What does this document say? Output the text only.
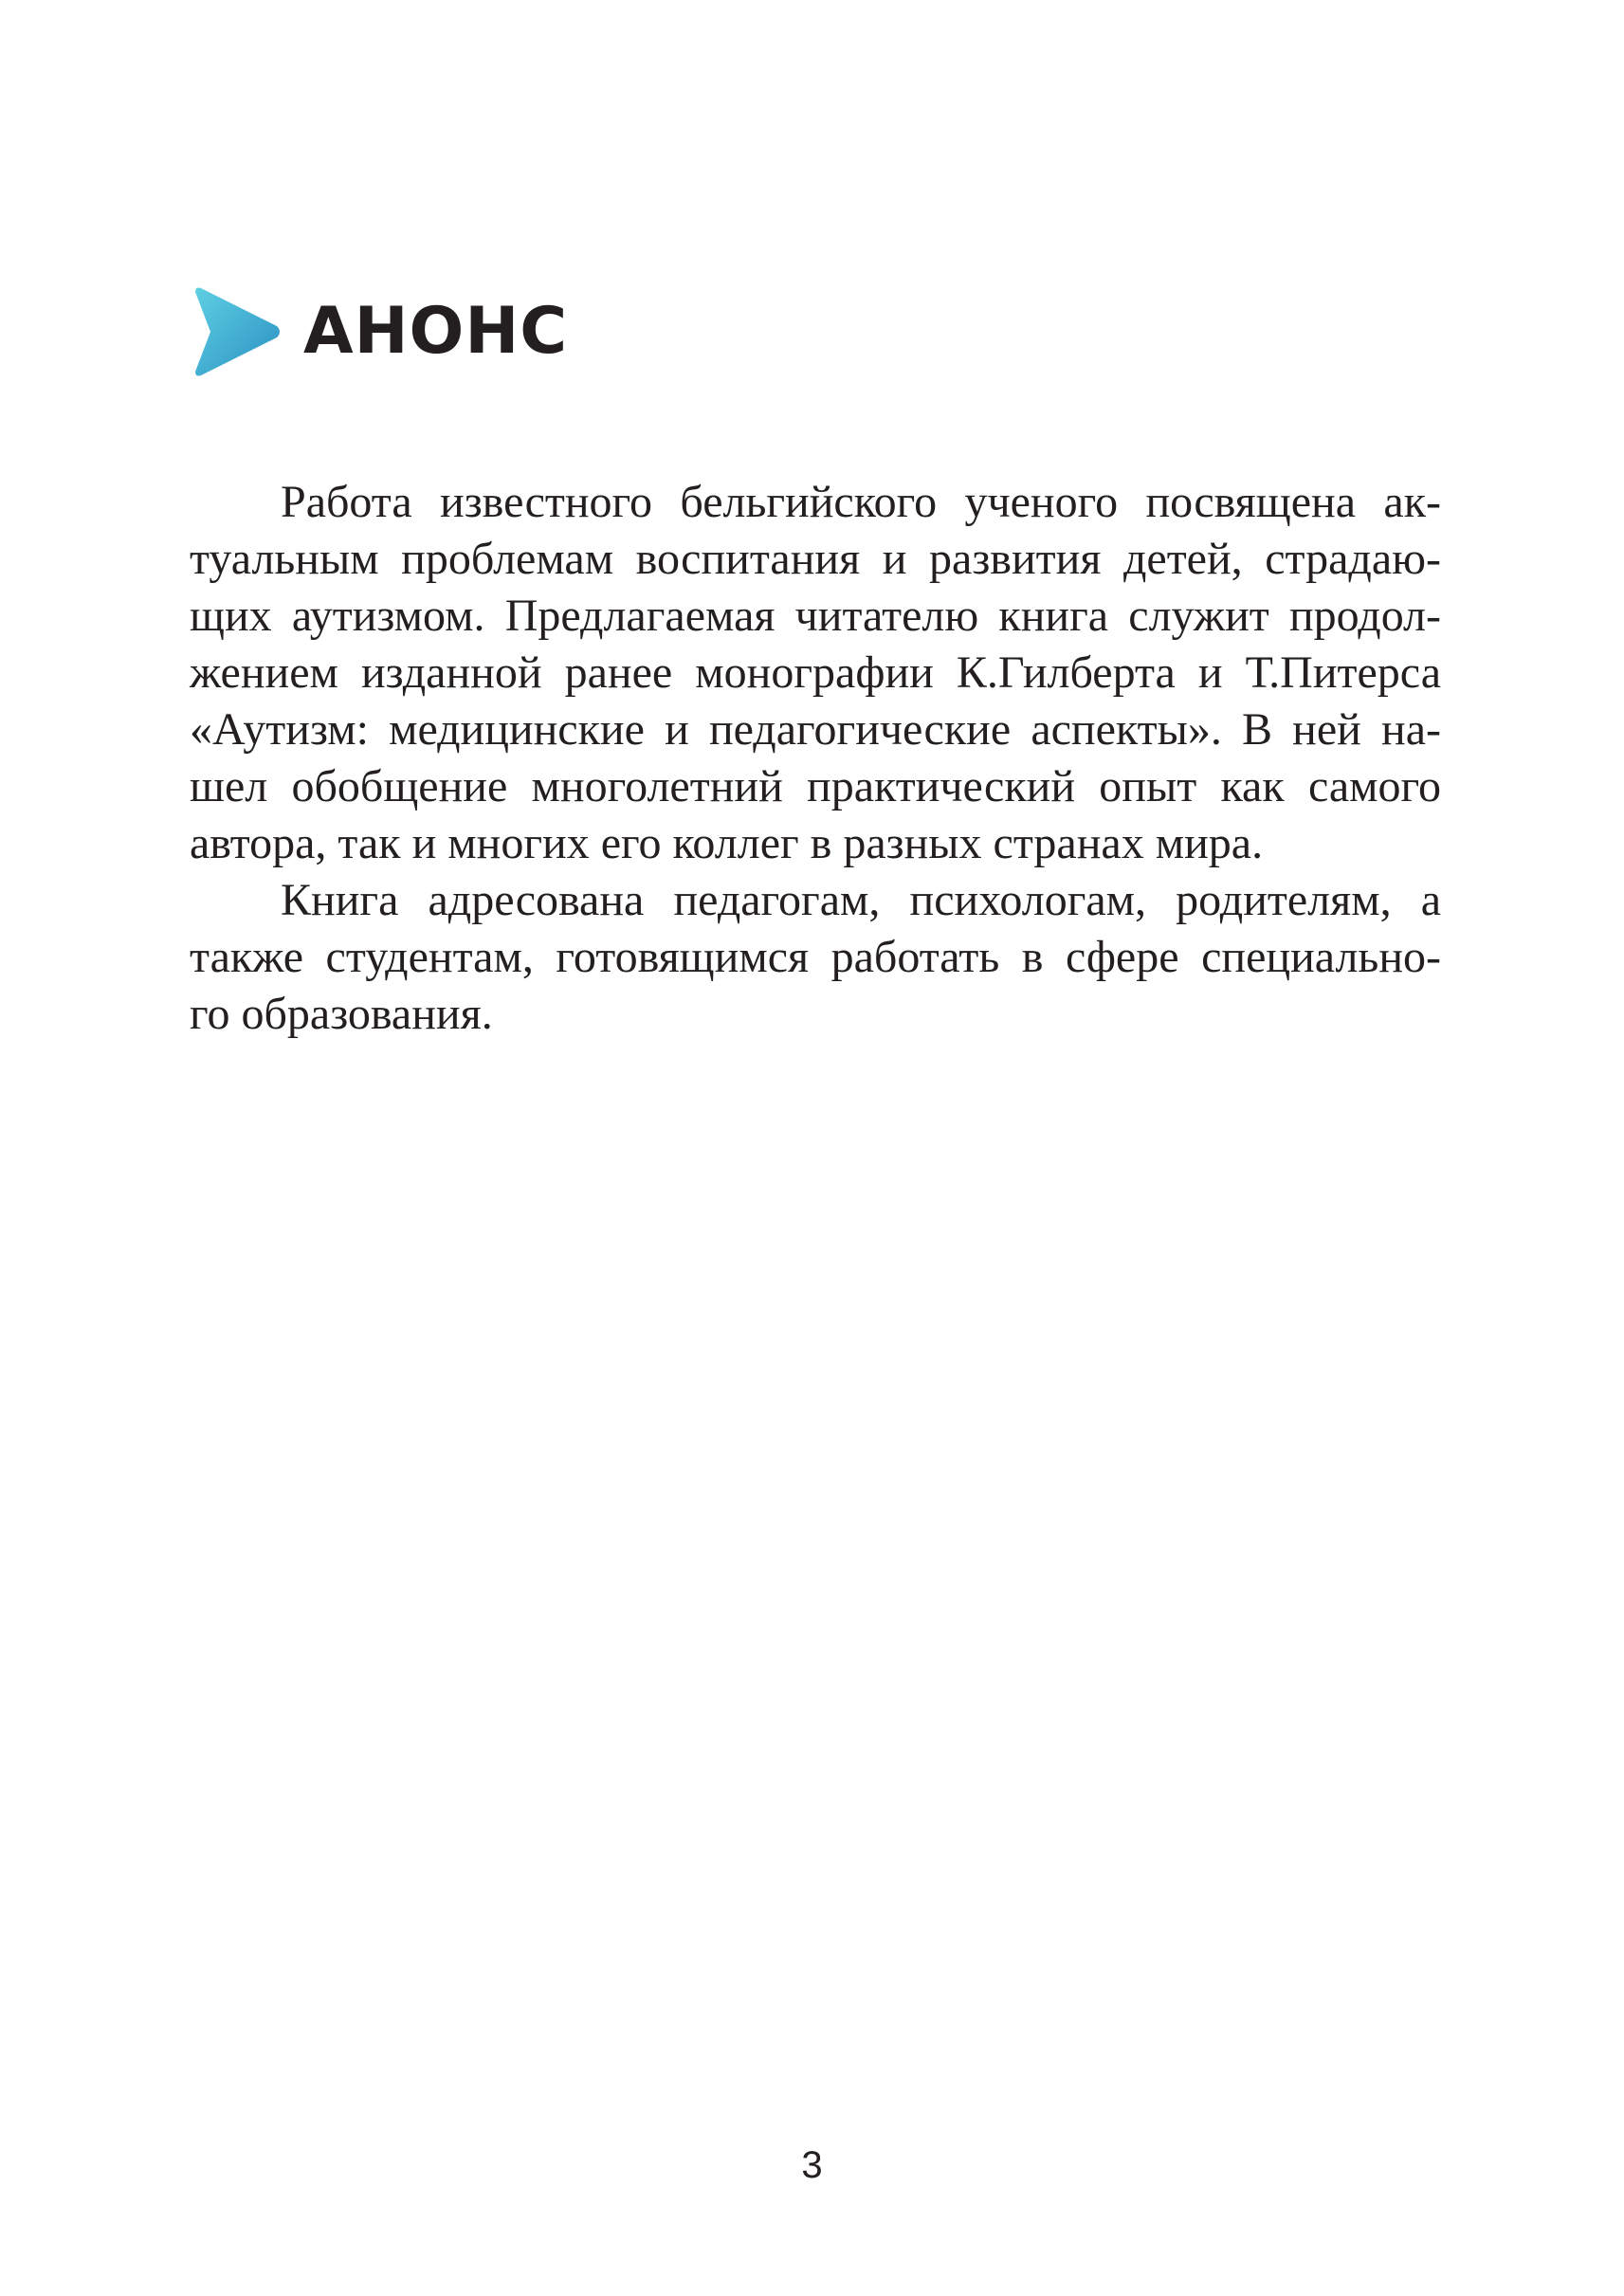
АНОНС
Работа известного бельгийского ученого посвящена ак-
туальным проблемам воспитания и развития детей, страдаю-
щих аутизмом. Предлагаемая читателю книга служит продол-
жением изданной ранее монографии К.Гилберта и Т.Питерса
«Аутизм: медицинские и педагогические аспекты». В ней на-
шел обобщение многолетний практический опыт как самого
автора, так и многих его коллег в разных странах мира.
Книга адресована педагогам, психологам, родителям, а
также студентам, готовящимся работать в сфере специально-
го образования.
3
